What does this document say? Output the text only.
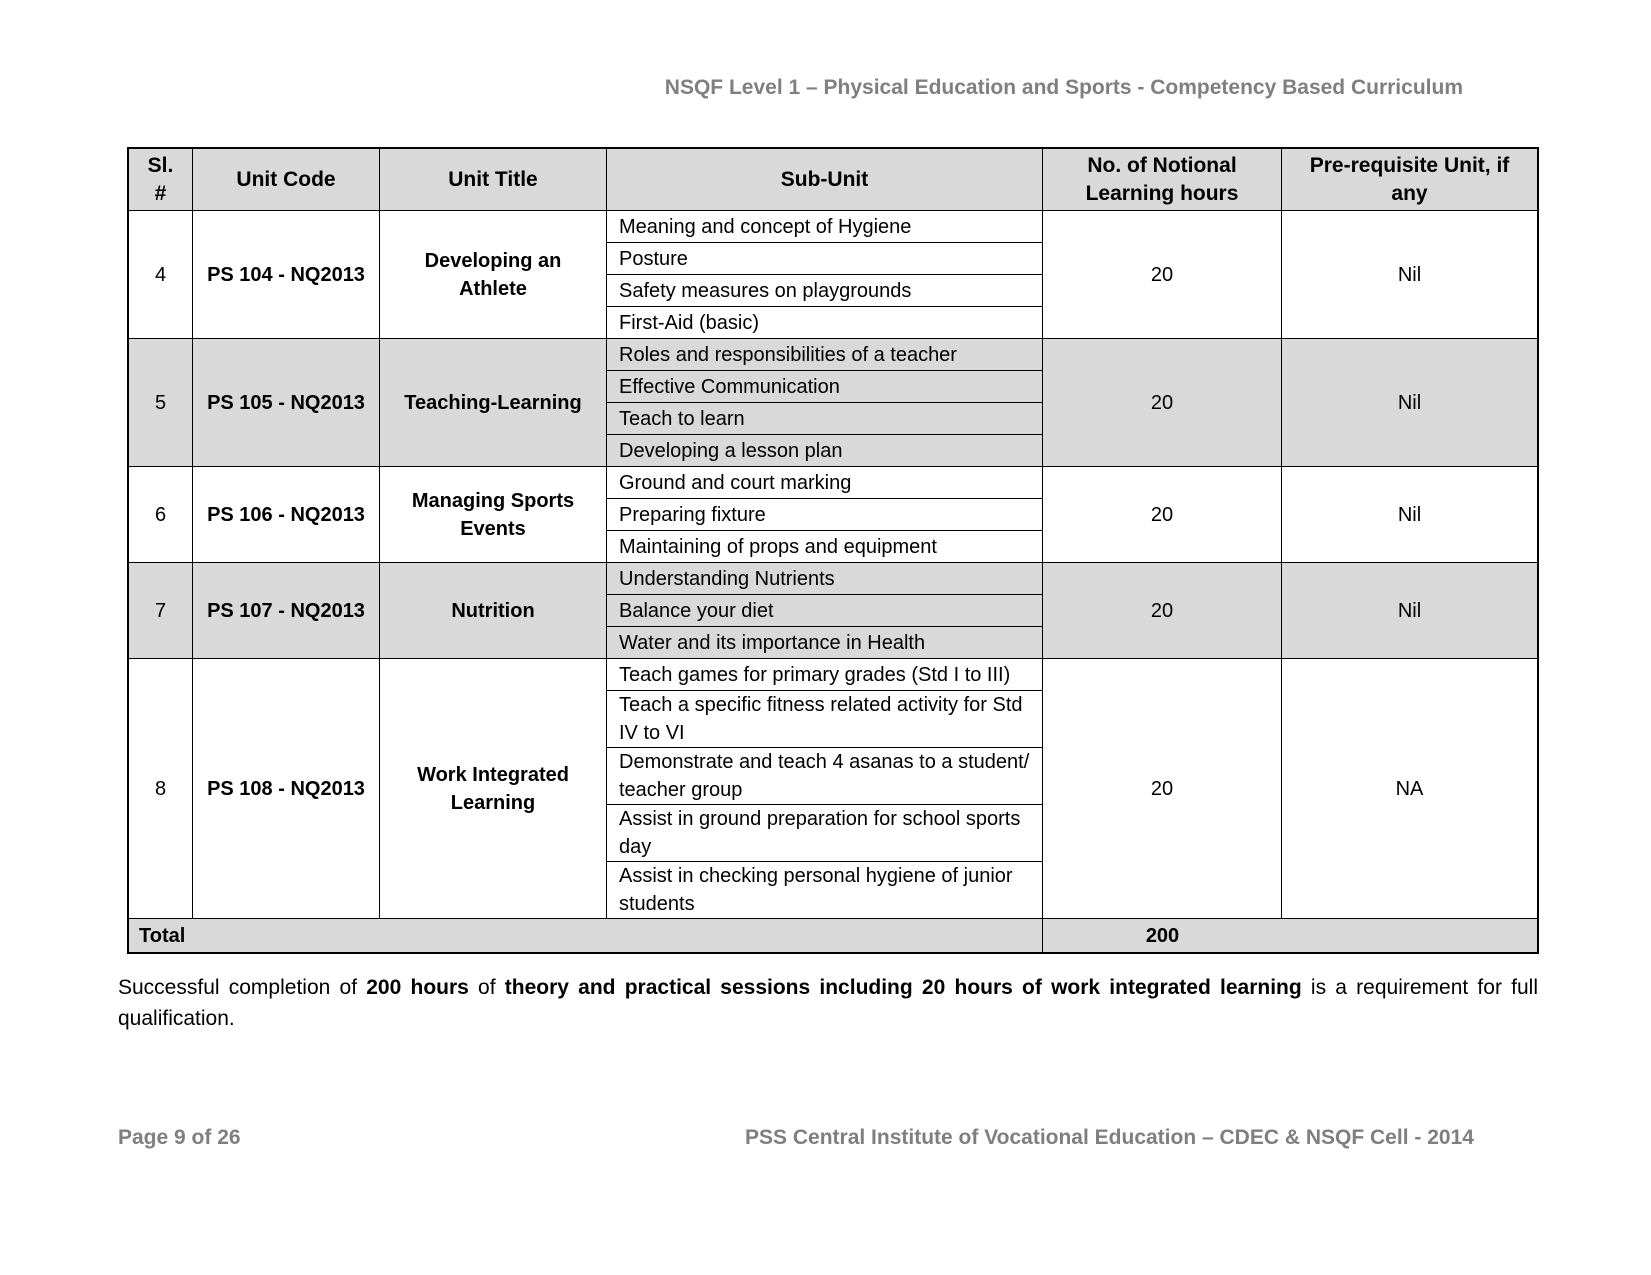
NSQF Level 1 – Physical Education and Sports - Competency Based Curriculum
Sl. #	Unit Code	Unit Title	Sub-Unit	No. of Notional Learning hours	Pre-requisite Unit, if any
4	PS 104 - NQ2013	Developing an Athlete	Meaning and concept of Hygiene	20	Nil
			Posture		
			Safety measures on playgrounds		
			First-Aid (basic)		
5	PS 105 - NQ2013	Teaching-Learning	Roles and responsibilities of a teacher	20	Nil
			Effective Communication		
			Teach to learn		
			Developing a lesson plan		
6	PS 106 - NQ2013	Managing Sports Events	Ground and court marking	20	Nil
			Preparing fixture		
			Maintaining of props and equipment		
7	PS 107 - NQ2013	Nutrition	Understanding Nutrients	20	Nil
			Balance your diet		
			Water and its importance in Health		
8	PS 108 - NQ2013	Work Integrated Learning	Teach games for primary grades (Std I to III)	20	NA
			Teach a specific fitness related activity for Std IV to VI		
			Demonstrate and teach 4 asanas to a student/ teacher group		
			Assist in ground preparation for school sports day		
			Assist in checking personal hygiene of junior students		
Total				200	
Successful completion of 200 hours of theory and practical sessions including 20 hours of work integrated learning is a requirement for full qualification.
Page 9 of 26	PSS Central Institute of Vocational Education – CDEC & NSQF Cell - 2014
